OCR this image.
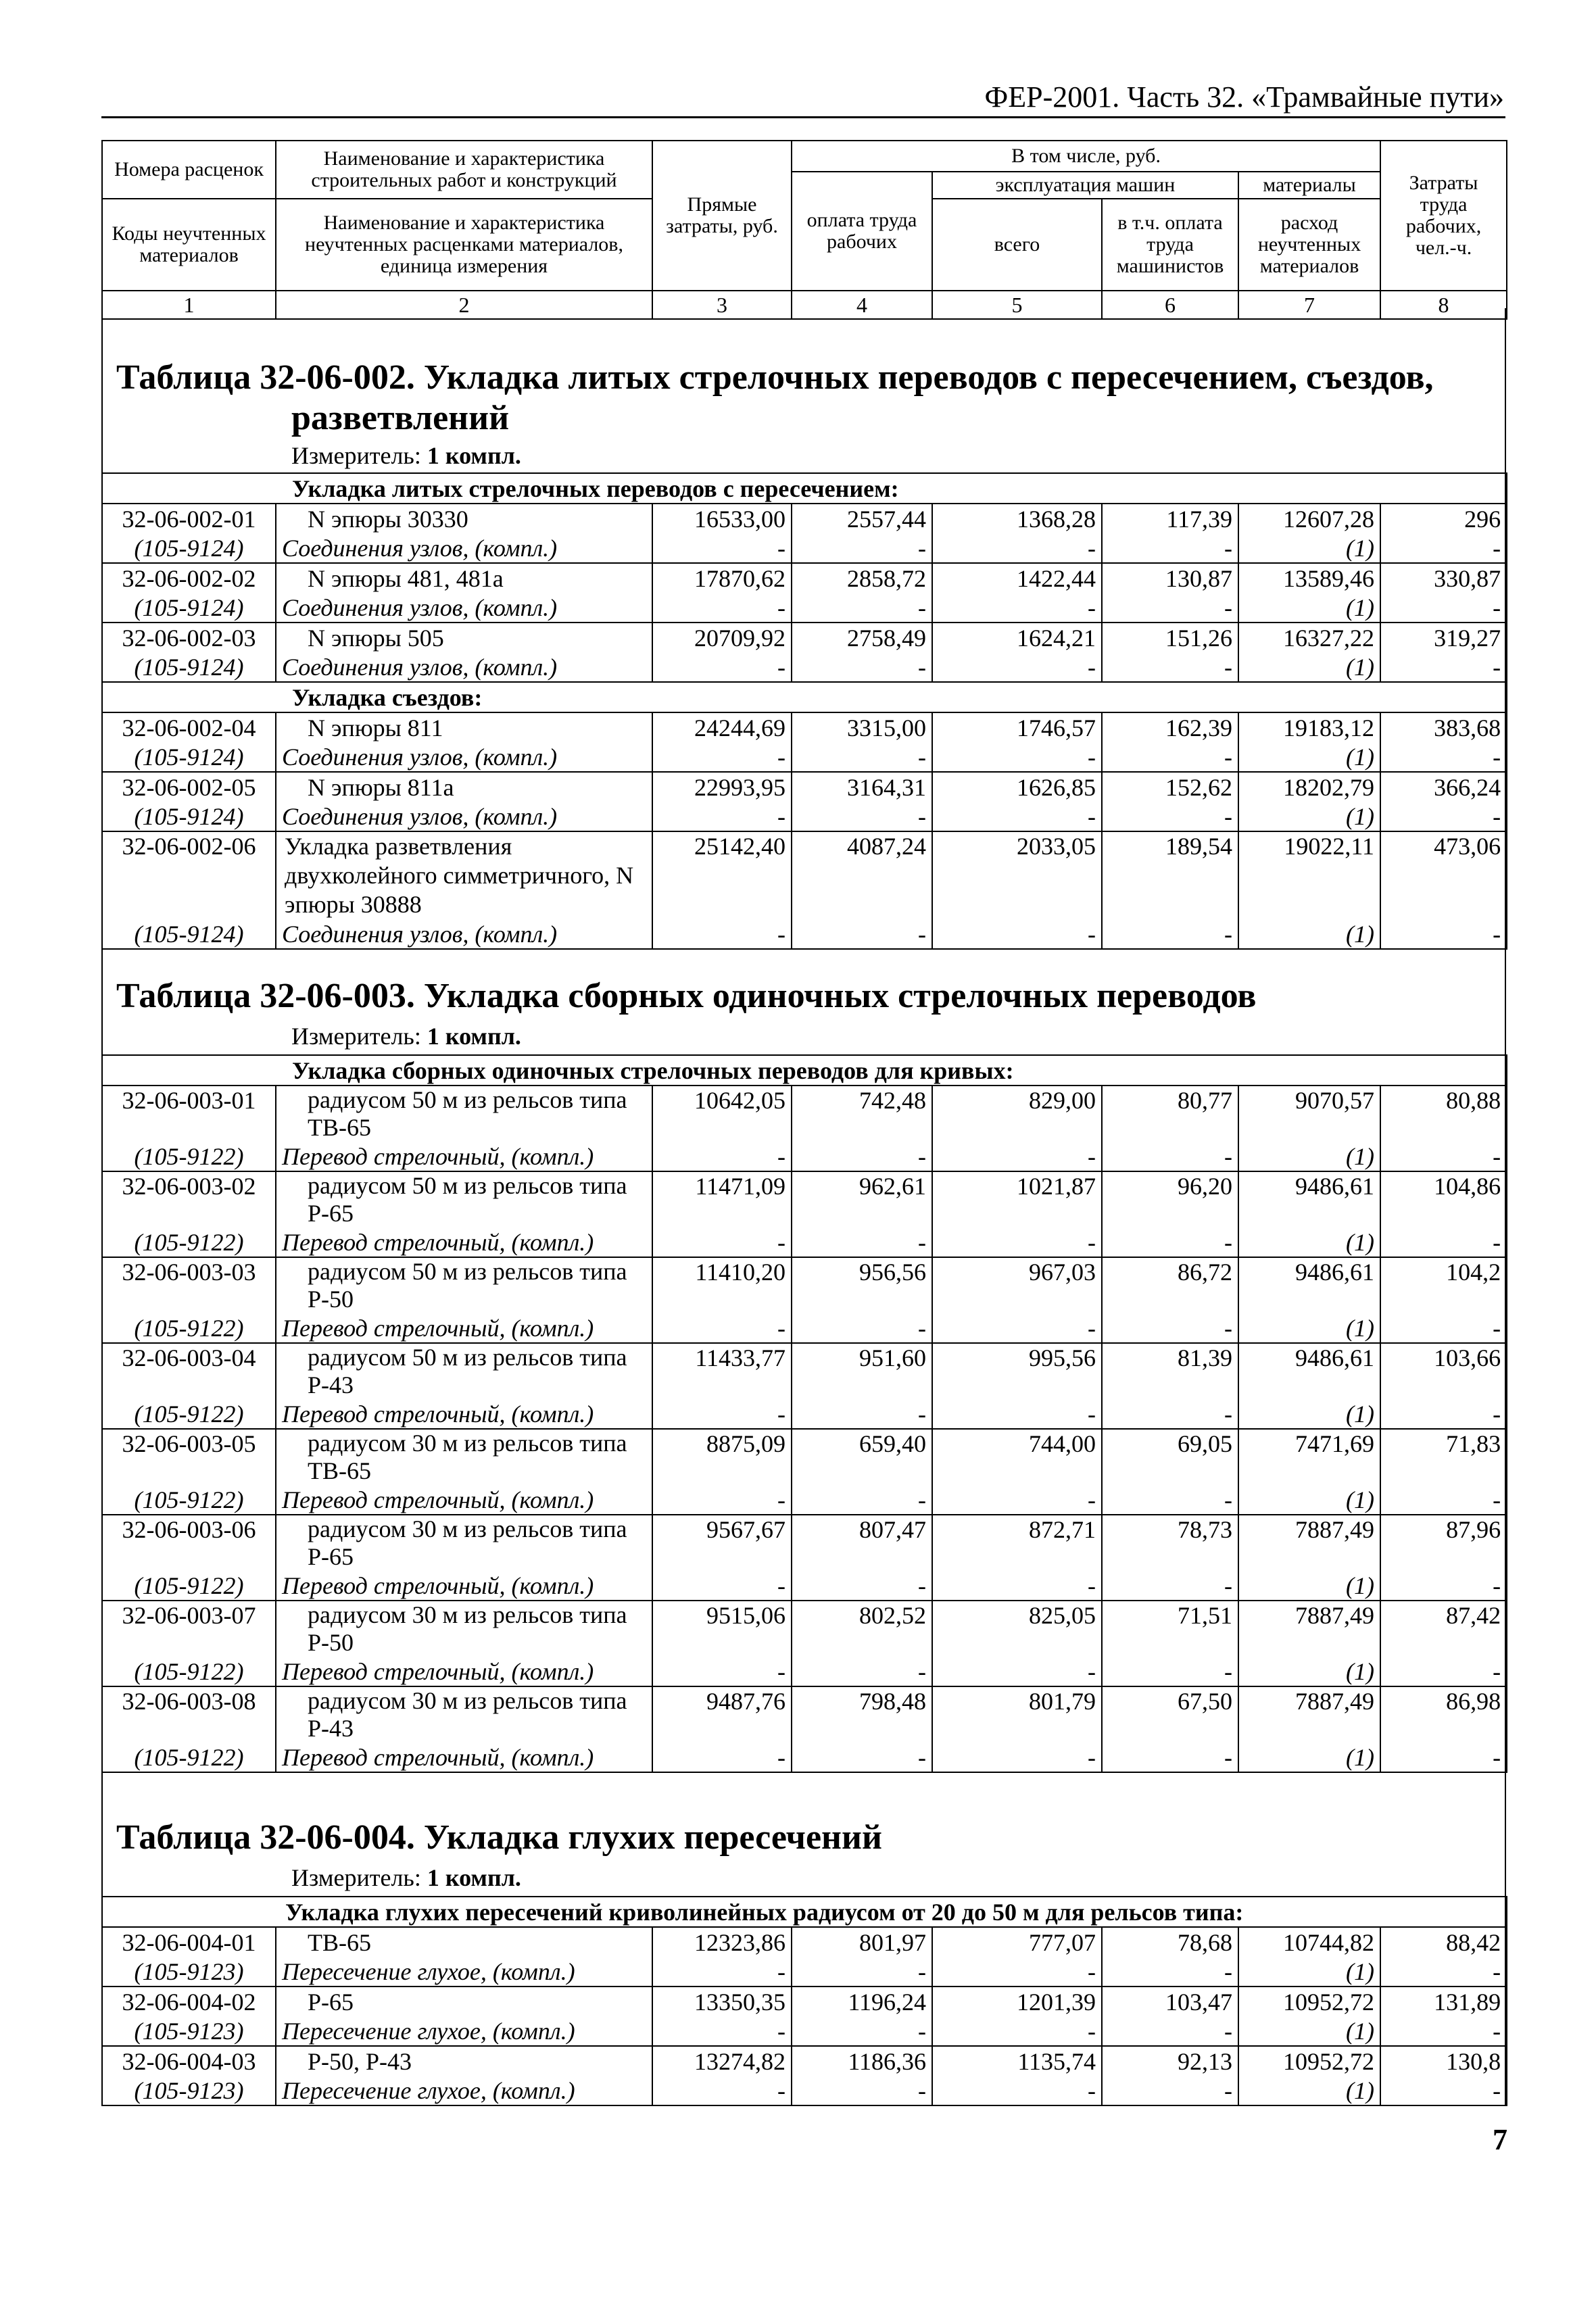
ФЕР-2001. Часть 32. «Трамвайные пути»
Номера расценок	Наименование и характеристика строительных работ и конструкций	Прямые затраты, руб.	В том числе, руб.				Затраты труда рабочих, чел.-ч.
			оплата труда рабочих	эксплуатация машин		материалы	
Коды неучтенных материалов	Наименование и характеристика неучтенных расценками материалов, единица измерения			всего	в т.ч. оплата труда машинистов	расход неучтенных материалов	

1	2	3	4	5	6	7	8
Таблица 32-06-002. Укладка литых стрелочных переводов с пересечением, съездов,
разветвлений
Измеритель: 1 компл.
Укладка литых стрелочных переводов с пересечением:							
32-06-002-01	N эпюры 30330	16533,00	2557,44	1368,28	117,39	12607,28	296
(105-9124)	Соединения узлов, (компл.)	-	-	-	-	(1)	-
32-06-002-02	N эпюры 481, 481а	17870,62	2858,72	1422,44	130,87	13589,46	330,87
(105-9124)	Соединения узлов, (компл.)	-	-	-	-	(1)	-
32-06-002-03	N эпюры 505	20709,92	2758,49	1624,21	151,26	16327,22	319,27
(105-9124)	Соединения узлов, (компл.)	-	-	-	-	(1)	-
Укладка съездов:							
32-06-002-04	N эпюры 811	24244,69	3315,00	1746,57	162,39	19183,12	383,68
(105-9124)	Соединения узлов, (компл.)	-	-	-	-	(1)	-
32-06-002-05	N эпюры 811а	22993,95	3164,31	1626,85	152,62	18202,79	366,24
(105-9124)	Соединения узлов, (компл.)	-	-	-	-	(1)	-
32-06-002-06	Укладка разветвления двухколейного симметричного, N эпюры 30888	25142,40	4087,24	2033,05	189,54	19022,11	473,06
(105-9124)	Соединения узлов, (компл.)	-	-	-	-	(1)	-
Таблица 32-06-003. Укладка сборных одиночных стрелочных переводов
Измеритель: 1 компл.
Укладка сборных одиночных стрелочных переводов для кривых:							
32-06-003-01	радиусом 50 м из рельсов типа ТВ-65	10642,05	742,48	829,00	80,77	9070,57	80,88

(105-9122)	Перевод стрелочный, (компл.)	-	-	-	-	(1)	-
32-06-003-02	радиусом 50 м из рельсов типа Р-65	11471,09	962,61	1021,87	96,20	9486,61	104,86

(105-9122)	Перевод стрелочный, (компл.)	-	-	-	-	(1)	-
32-06-003-03	радиусом 50 м из рельсов типа Р-50	11410,20	956,56	967,03	86,72	9486,61	104,2

(105-9122)	Перевод стрелочный, (компл.)	-	-	-	-	(1)	-
32-06-003-04	радиусом 50 м из рельсов типа Р-43	11433,77	951,60	995,56	81,39	9486,61	103,66

(105-9122)	Перевод стрелочный, (компл.)	-	-	-	-	(1)	-
32-06-003-05	радиусом 30 м из рельсов типа ТВ-65	8875,09	659,40	744,00	69,05	7471,69	71,83

(105-9122)	Перевод стрелочный, (компл.)	-	-	-	-	(1)	-
32-06-003-06	радиусом 30 м из рельсов типа Р-65	9567,67	807,47	872,71	78,73	7887,49	87,96

(105-9122)	Перевод стрелочный, (компл.)	-	-	-	-	(1)	-
32-06-003-07	радиусом 30 м из рельсов типа Р-50	9515,06	802,52	825,05	71,51	7887,49	87,42

(105-9122)	Перевод стрелочный, (компл.)	-	-	-	-	(1)	-
32-06-003-08	радиусом 30 м из рельсов типа Р-43	9487,76	798,48	801,79	67,50	7887,49	86,98

(105-9122)	Перевод стрелочный, (компл.)	-	-	-	-	(1)	-
Таблица 32-06-004. Укладка глухих пересечений
Измеритель: 1 компл.
Укладка глухих пересечений криволинейных радиусом от 20 до 50 м для рельсов типа:							
32-06-004-01	ТВ-65	12323,86	801,97	777,07	78,68	10744,82	88,42
(105-9123)	Пересечение глухое, (компл.)	-	-	-	-	(1)	-
32-06-004-02	Р-65	13350,35	1196,24	1201,39	103,47	10952,72	131,89
(105-9123)	Пересечение глухое, (компл.)	-	-	-	-	(1)	-
32-06-004-03	Р-50, Р-43	13274,82	1186,36	1135,74	92,13	10952,72	130,8
(105-9123)	Пересечение глухое, (компл.)	-	-	-	-	(1)	-
7
